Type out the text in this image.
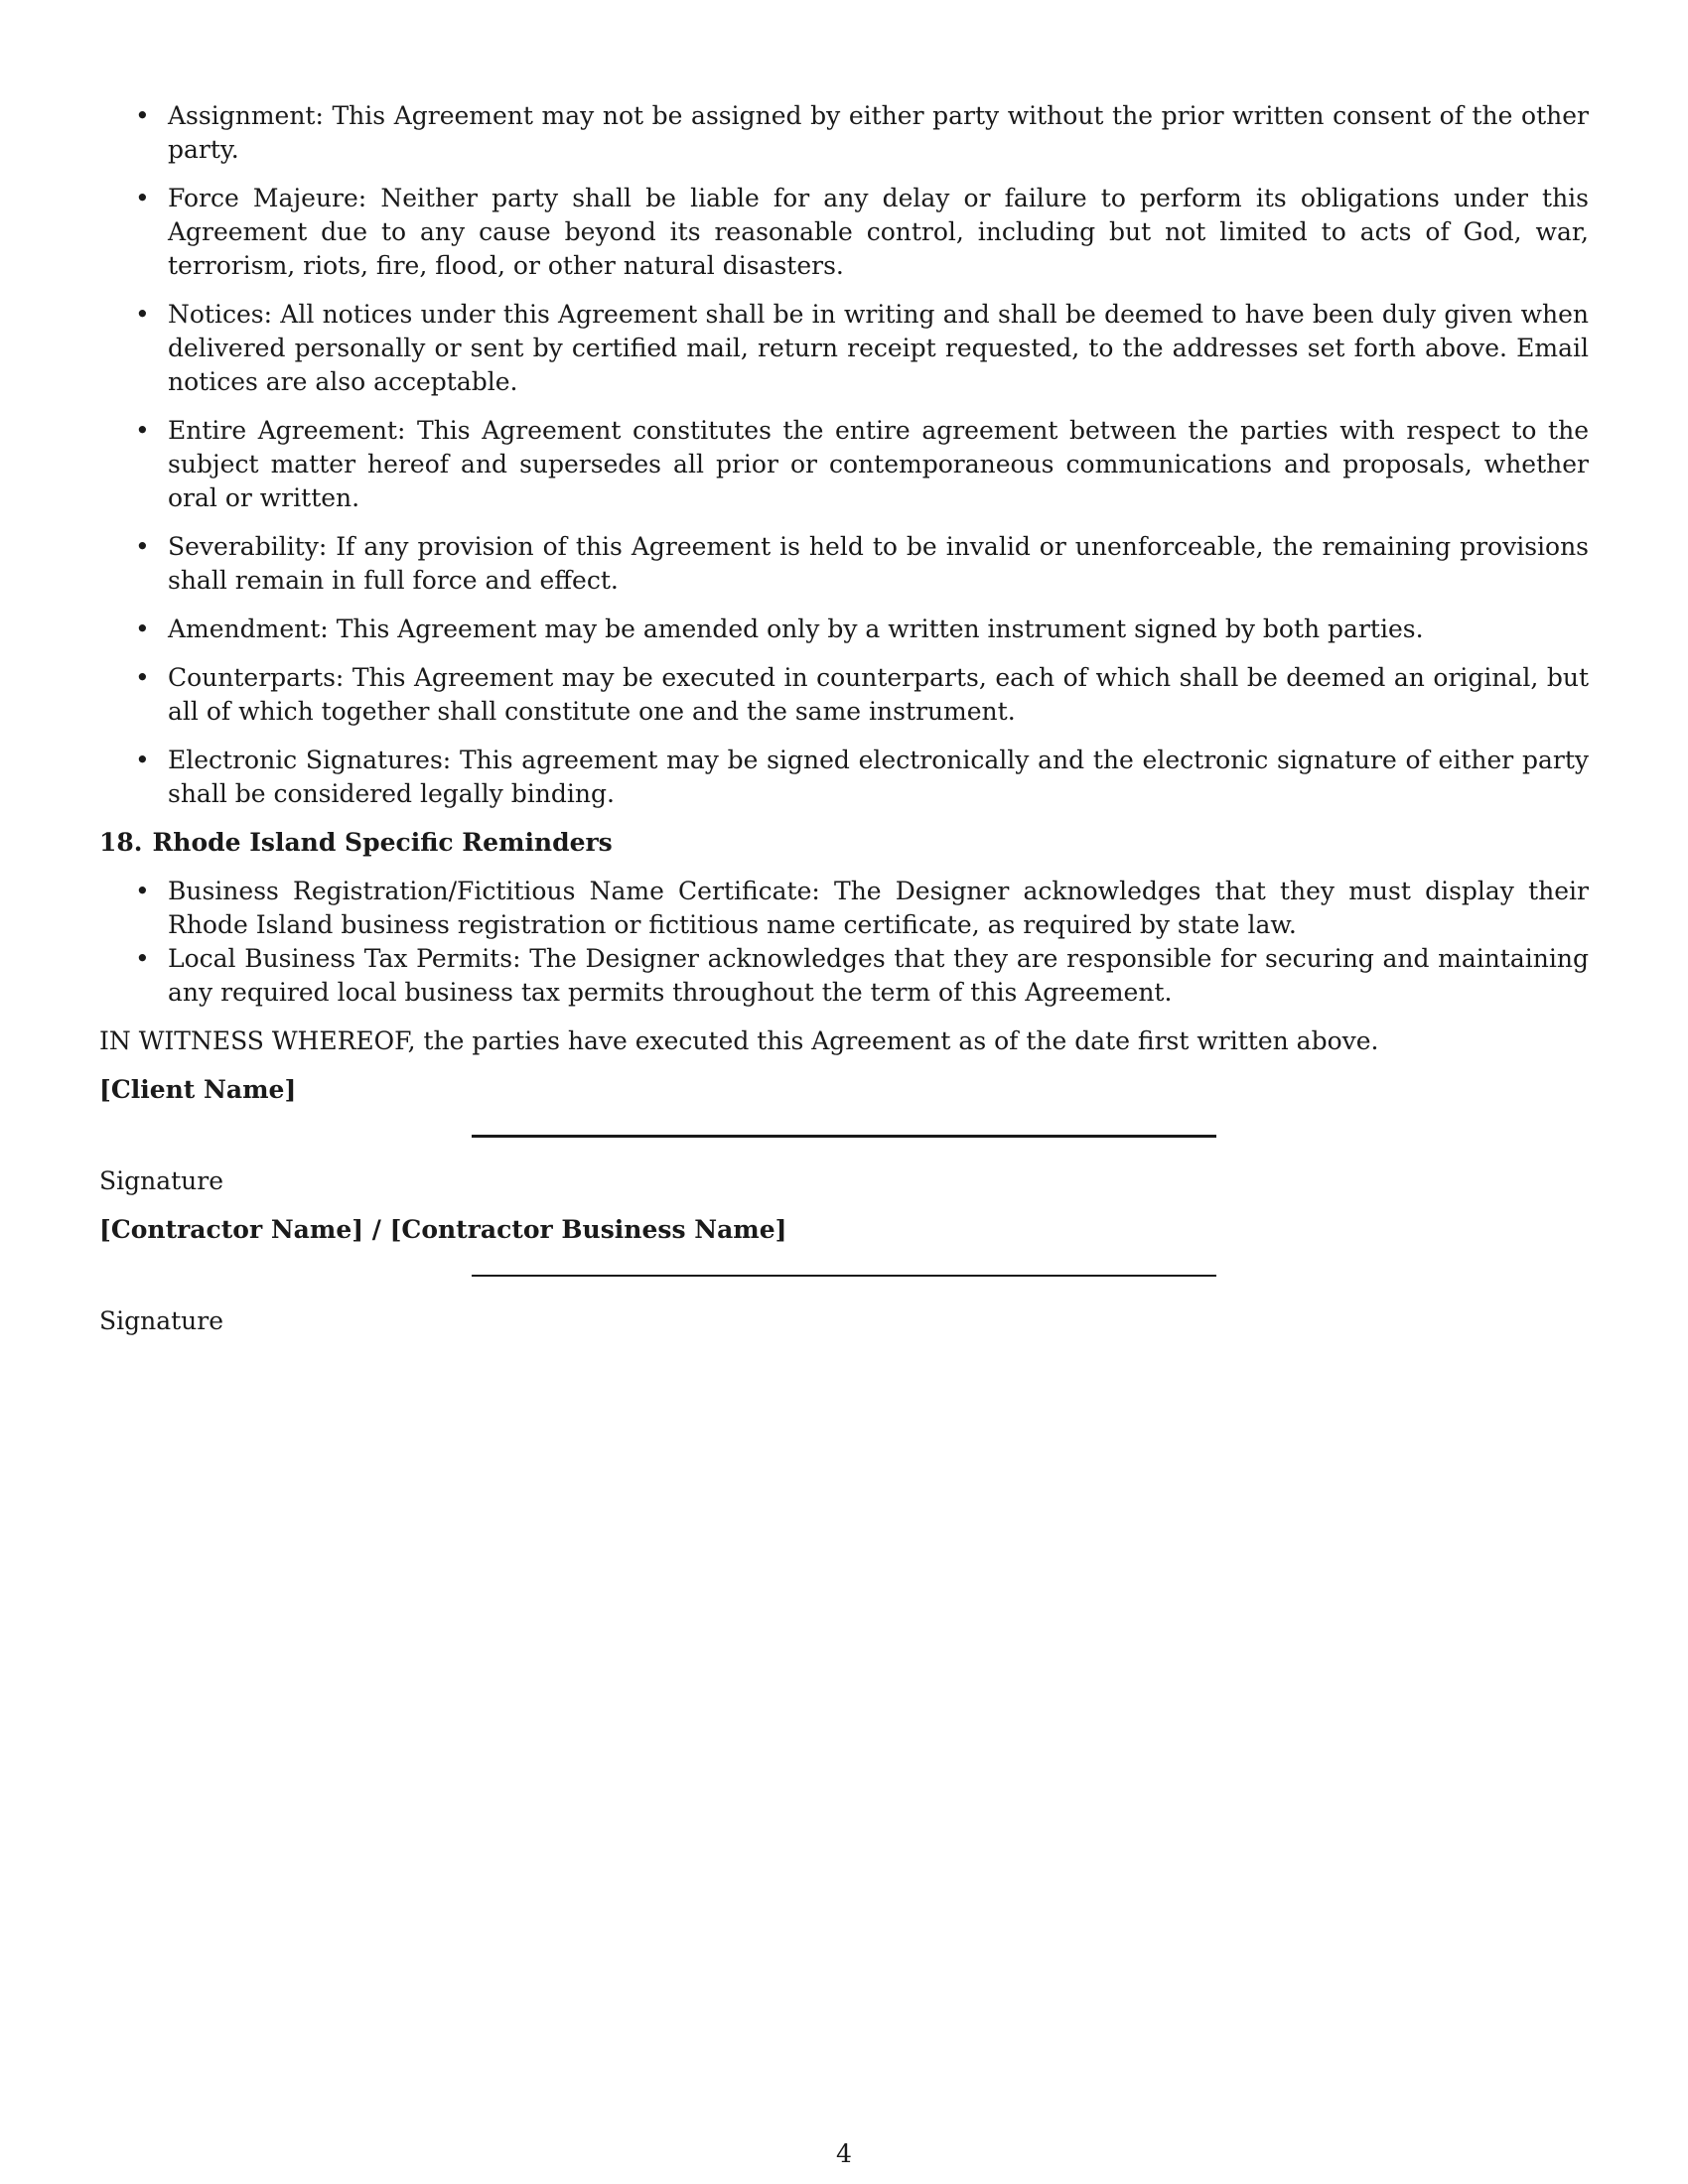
• Assignment: This Agreement may not be assigned by either party without the prior written consent of the other party.
• Force Majeure: Neither party shall be liable for any delay or failure to perform its obligations under this Agreement due to any cause beyond its reasonable control, including but not limited to acts of God, war, terrorism, riots, fire, flood, or other natural disasters.
• Notices: All notices under this Agreement shall be in writing and shall be deemed to have been duly given when delivered personally or sent by certified mail, return receipt requested, to the addresses set forth above. Email notices are also acceptable.
• Entire Agreement: This Agreement constitutes the entire agreement between the parties with respect to the subject matter hereof and supersedes all prior or contemporaneous communications and proposals, whether oral or written.
• Severability: If any provision of this Agreement is held to be invalid or unenforceable, the remaining provisions shall remain in full force and effect.
• Amendment: This Agreement may be amended only by a written instrument signed by both parties.
• Counterparts: This Agreement may be executed in counterparts, each of which shall be deemed an original, but all of which together shall constitute one and the same instrument.
• Electronic Signatures: This agreement may be signed electronically and the electronic signature of either party shall be considered legally binding.
18. Rhode Island Specific Reminders
• Business Registration/Fictitious Name Certificate: The Designer acknowledges that they must display their Rhode Island business registration or fictitious name certificate, as required by state law.
• Local Business Tax Permits: The Designer acknowledges that they are responsible for securing and maintaining any required local business tax permits throughout the term of this Agreement.
IN WITNESS WHEREOF, the parties have executed this Agreement as of the date first written above.
[Client Name]
Signature
[Contractor Name] / [Contractor Business Name]
Signature
4
